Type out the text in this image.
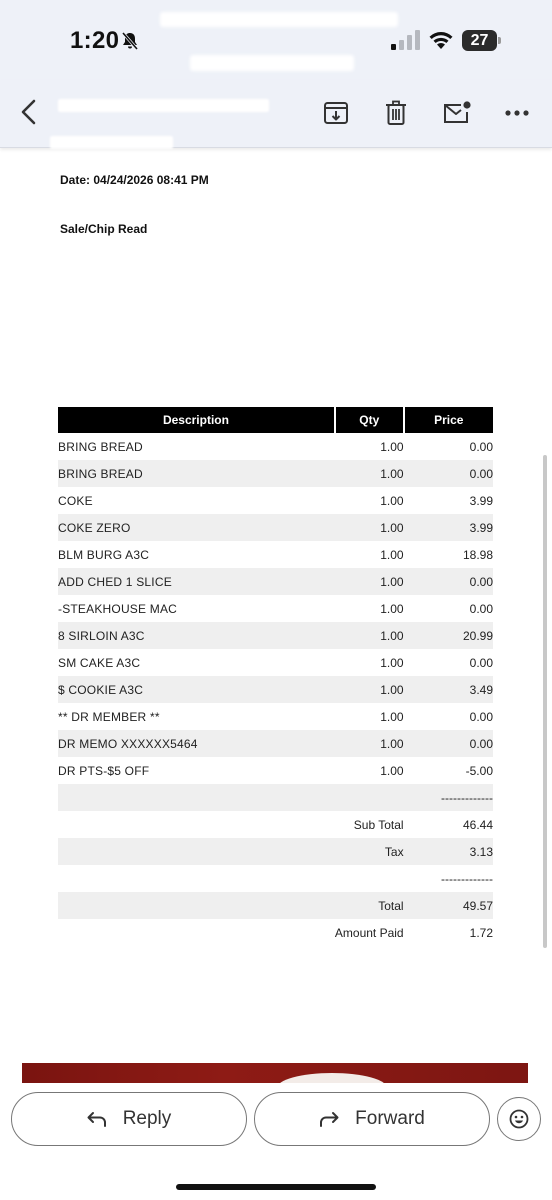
1:20	27
Date: 04/24/2026 08:41 PM
Sale/Chip Read
Description	Qty	Price
BRING BREAD	1.00	0.00
BRING BREAD	1.00	0.00
COKE	1.00	3.99
COKE ZERO	1.00	3.99
BLM BURG A3C	1.00	18.98
ADD CHED 1 SLICE	1.00	0.00
-STEAKHOUSE MAC	1.00	0.00
8 SIRLOIN A3C	1.00	20.99
SM CAKE A3C	1.00	0.00
$ COOKIE A3C	1.00	3.49
** DR MEMBER **	1.00	0.00
DR MEMO XXXXXX5464	1.00	0.00
DR PTS-$5 OFF	1.00	-5.00
		-------------
	Sub Total	46.44
	Tax	3.13
		-------------
	Total	49.57
	Amount Paid	1.72
Reply	Forward
